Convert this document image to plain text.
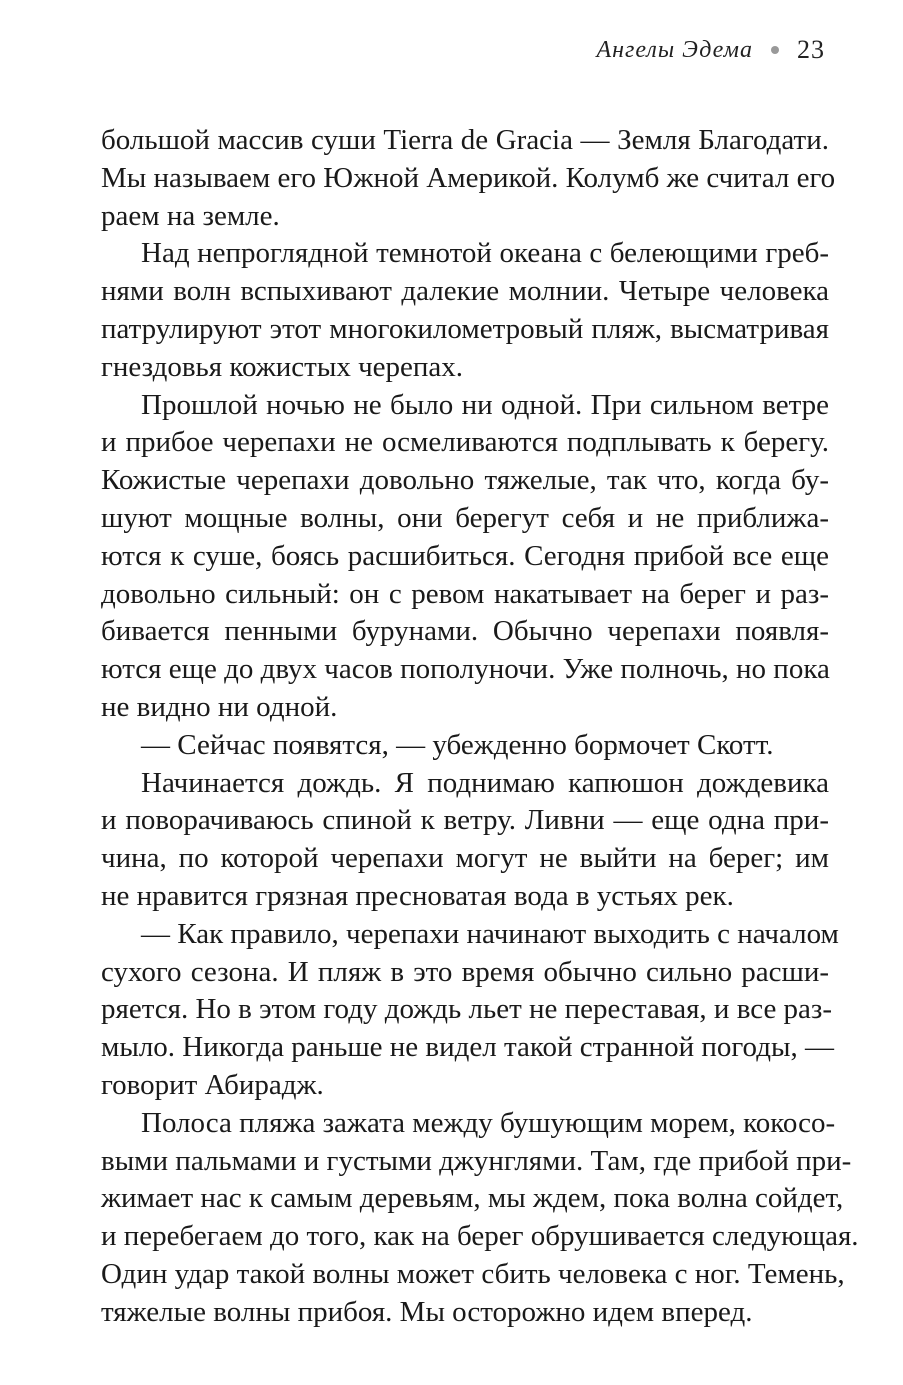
Ангелы Эдема 23
большой массив суши Tierra de Gracia — Земля Благодати.
Мы называем его Южной Америкой. Колумб же считал его
раем на земле.
Над непроглядной темнотой океана с белеющими греб-
нями волн вспыхивают далекие молнии. Четыре человека
патрулируют этот многокилометровый пляж, высматривая
гнездовья кожистых черепах.
Прошлой ночью не было ни одной. При сильном ветре
и прибое черепахи не осмеливаются подплывать к берегу.
Кожистые черепахи довольно тяжелые, так что, когда бу-
шуют мощные волны, они берегут себя и не приближа-
ются к суше, боясь расшибиться. Сегодня прибой все еще
довольно сильный: он с ревом накатывает на берег и раз-
бивается пенными бурунами. Обычно черепахи появля-
ются еще до двух часов пополуночи. Уже полночь, но пока
не видно ни одной.
— Сейчас появятся, — убежденно бормочет Скотт.
Начинается дождь. Я поднимаю капюшон дождевика
и поворачиваюсь спиной к ветру. Ливни — еще одна при-
чина, по которой черепахи могут не выйти на берег; им
не нравится грязная пресноватая вода в устьях рек.
— Как правило, черепахи начинают выходить с началом
сухого сезона. И пляж в это время обычно сильно расши-
ряется. Но в этом году дождь льет не переставая, и все раз-
мыло. Никогда раньше не видел такой странной погоды, —
говорит Абирадж.
Полоса пляжа зажата между бушующим морем, кокосо-
выми пальмами и густыми джунглями. Там, где прибой при-
жимает нас к самым деревьям, мы ждем, пока волна сойдет,
и перебегаем до того, как на берег обрушивается следующая.
Один удар такой волны может сбить человека с ног. Темень,
тяжелые волны прибоя. Мы осторожно идем вперед.
